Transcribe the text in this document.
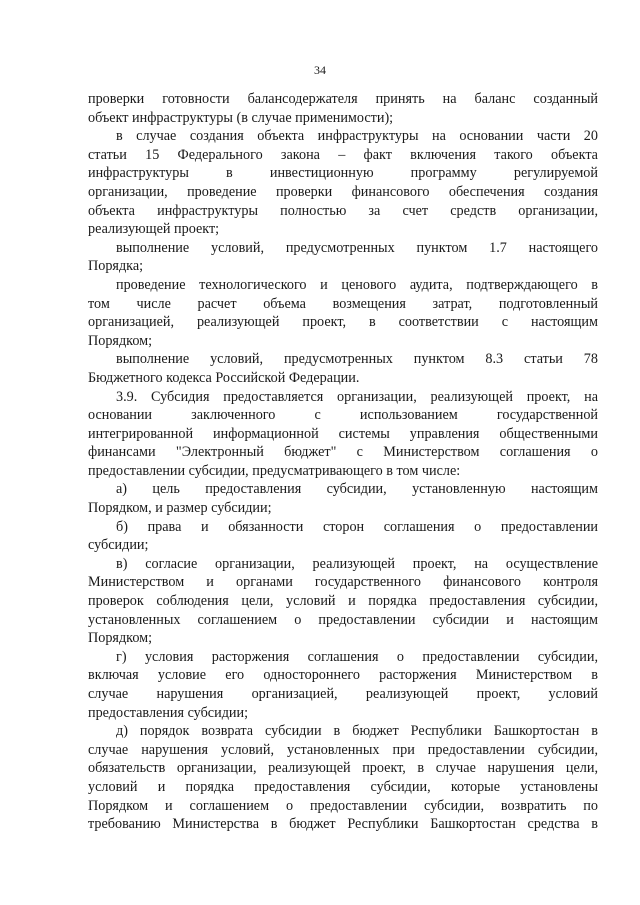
34
проверки готовности балансодержателя принять на баланс созданный
объект инфраструктуры (в случае применимости);
в случае создания объекта инфраструктуры на основании части 20
статьи 15 Федерального закона – факт включения такого объекта
инфраструктуры в инвестиционную программу регулируемой
организации, проведение проверки финансового обеспечения создания
объекта инфраструктуры полностью за счет средств организации,
реализующей проект;
выполнение условий, предусмотренных пунктом 1.7 настоящего
Порядка;
проведение технологического и ценового аудита, подтверждающего в
том числе расчет объема возмещения затрат, подготовленный
организацией, реализующей проект, в соответствии с настоящим
Порядком;
выполнение условий, предусмотренных пунктом 8.3 статьи 78
Бюджетного кодекса Российской Федерации.
3.9. Субсидия предоставляется организации, реализующей проект, на
основании заключенного с использованием государственной
интегрированной информационной системы управления общественными
финансами "Электронный бюджет" с Министерством соглашения о
предоставлении субсидии, предусматривающего в том числе:
а) цель предоставления субсидии, установленную настоящим
Порядком, и размер субсидии;
б) права и обязанности сторон соглашения о предоставлении
субсидии;
в) согласие организации, реализующей проект, на осуществление
Министерством и органами государственного финансового контроля
проверок соблюдения цели, условий и порядка предоставления субсидии,
установленных соглашением о предоставлении субсидии и настоящим
Порядком;
г) условия расторжения соглашения о предоставлении субсидии,
включая условие его одностороннего расторжения Министерством в
случае нарушения организацией, реализующей проект, условий
предоставления субсидии;
д) порядок возврата субсидии в бюджет Республики Башкортостан в
случае нарушения условий, установленных при предоставлении субсидии,
обязательств организации, реализующей проект, в случае нарушения цели,
условий и порядка предоставления субсидии, которые установлены
Порядком и соглашением о предоставлении субсидии, возвратить по
требованию Министерства в бюджет Республики Башкортостан средства в
